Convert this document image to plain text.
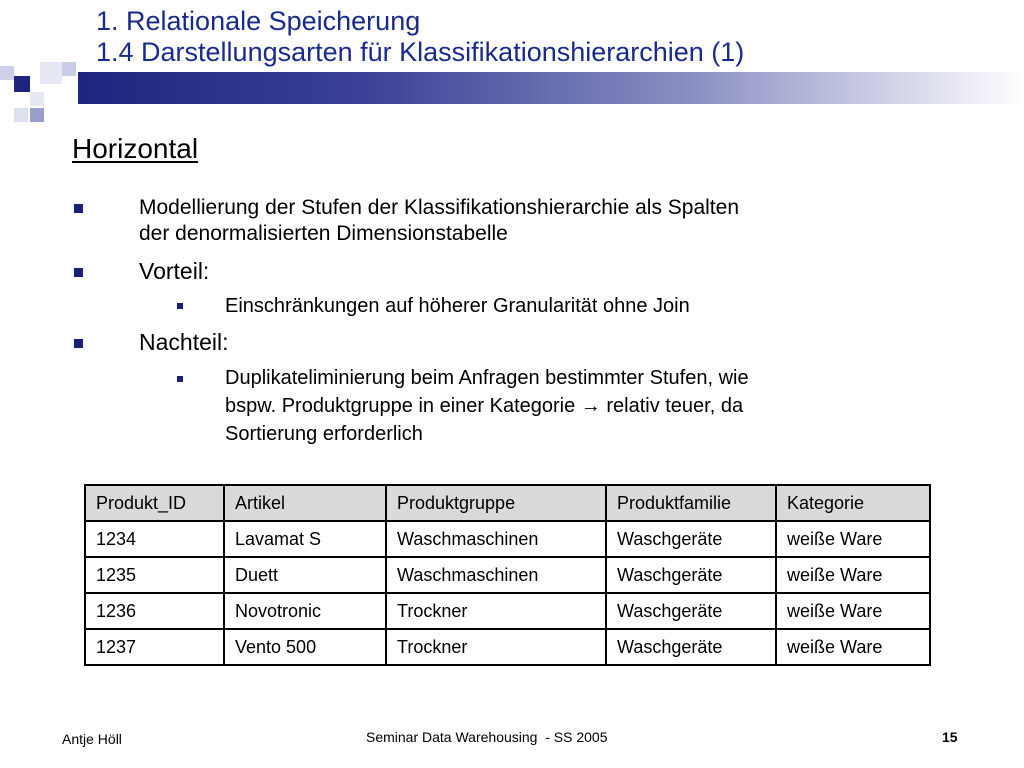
1. Relationale Speicherung
1.4 Darstellungsarten für Klassifikationshierarchien (1)
Horizontal
Modellierung der Stufen der Klassifikationshierarchie als Spalten
der denormalisierten Dimensionstabelle
Vorteil:
Einschränkungen auf höherer Granularität ohne Join
Nachteil:
Duplikateliminierung beim Anfragen bestimmter Stufen, wie
bspw. Produktgruppe in einer Kategorie → relativ teuer, da
Sortierung erforderlich
Produkt_ID	Artikel	Produktgruppe	Produktfamilie	Kategorie
1234	Lavamat S	Waschmaschinen	Waschgeräte	weiße Ware
1235	Duett	Waschmaschinen	Waschgeräte	weiße Ware
1236	Novotronic	Trockner	Waschgeräte	weiße Ware
1237	Vento 500	Trockner	Waschgeräte	weiße Ware
Antje Höll	Seminar Data Warehousing  - SS 2005	15
